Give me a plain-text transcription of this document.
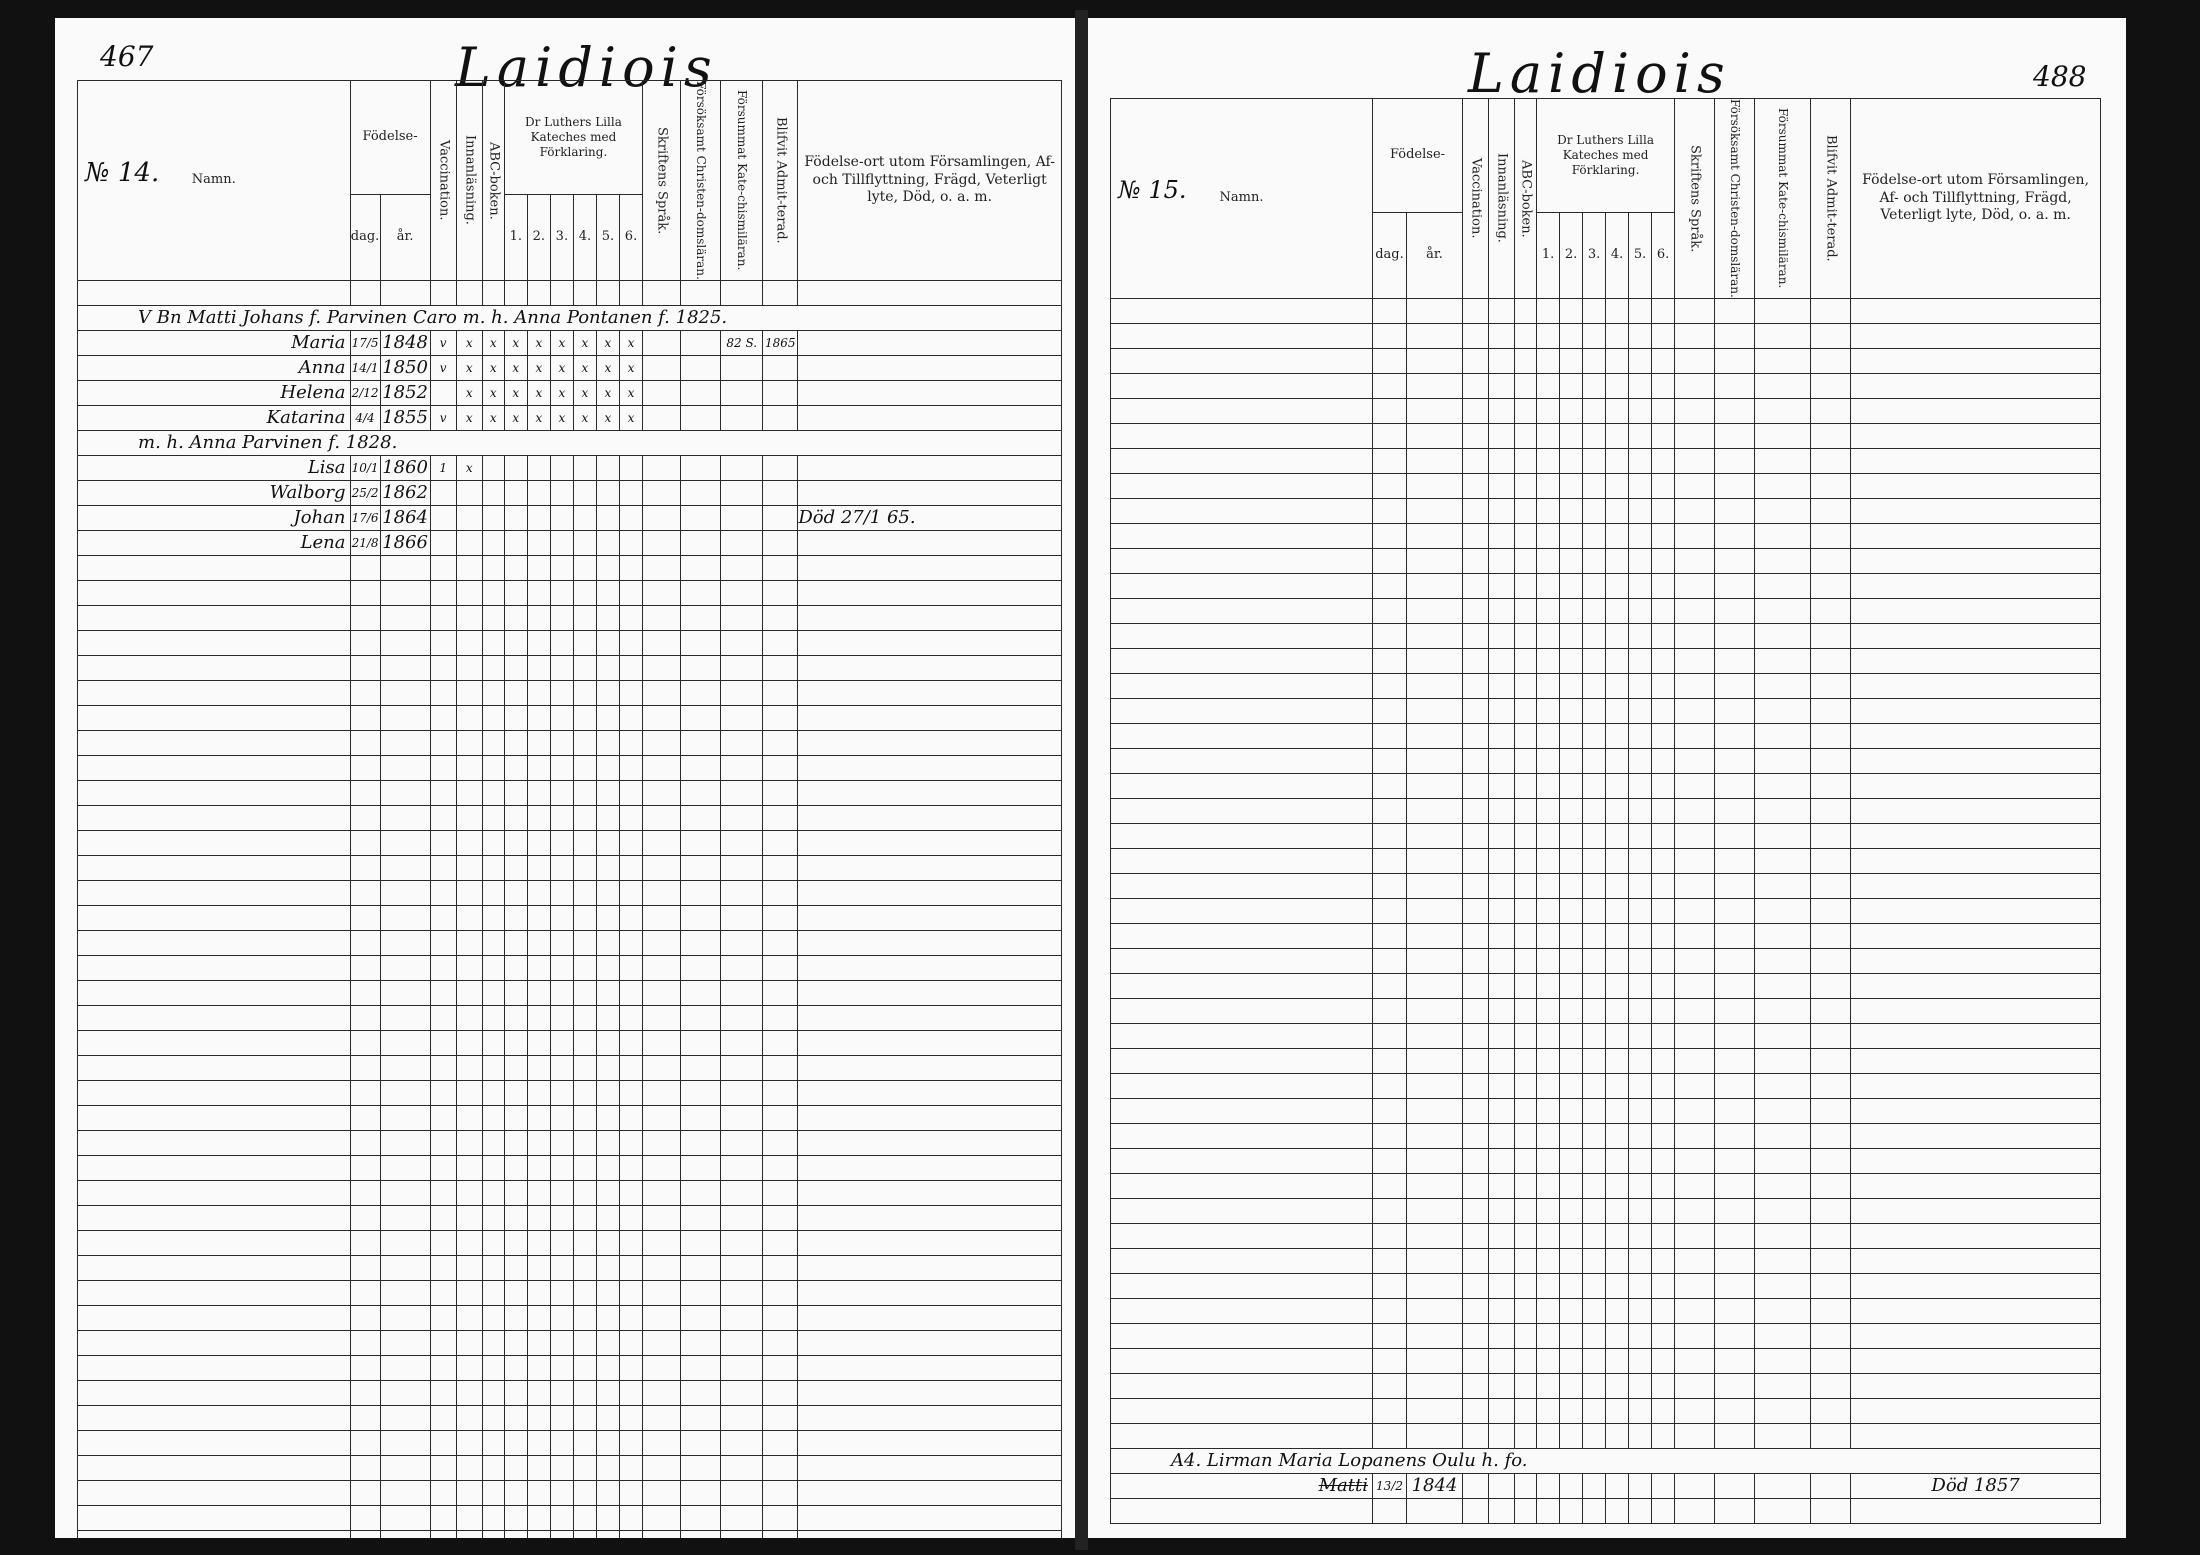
467	Laidiois
Namn.	Födelse-		Vaccination.	Innanläsning.	ABC-boken.	Dr Luthers Lilla Kateches med Förklaring.						Skriftens Språk.	Försöksamt Christen-domsläran.	Försummat Kate-chismiläran.	Blifvit Admit-terad.	Födelse-ort utom Församlingen, Af- och Tillflyttning, Frägd, Veterligt lyte, Död, o. a. m.
	dag.	år.				1.	2.	3.	4.	5.	6.					

V Bn Matti Johans f. Parvinen Caro m. h. Anna Pontanen f. 1825.																
Maria	17/5	1848	v	x	x	x	x	x	x	x	x			82 S.	1865	
Anna	14/1	1850	v	x	x	x	x	x	x	x	x					
Helena	2/12	1852		x	x	x	x	x	x	x	x					
Katarina	4/4	1855	v	x	x	x	x	x	x	x	x					
m. h. Anna Parvinen f. 1828.																
Lisa	10/1	1860	1	x												
Walborg	25/2	1862														
Johan	17/6	1864														Död 27/1 65.
Lena	21/8	1866														

№ 14.
488
Laidiois
Namn.	Födelse-		Vaccination.	Innanläsning.	ABC-boken.	Dr Luthers Lilla Kateches med Förklaring.						Skriftens Språk.	Försöksamt Christen-domsläran.	Försummat Kate-chismiläran.	Blifvit Admit-terad.	Födelse-ort utom Församlingen, Af- och Tillflyttning, Frägd, Veterligt lyte, Död, o. a. m.
	dag.	år.				1.	2.	3.	4.	5.	6.					

A4. Lirman Maria Lopanens Oulu h. fo.																
Matti	13/2	1844														Död 1857

№ 15.
